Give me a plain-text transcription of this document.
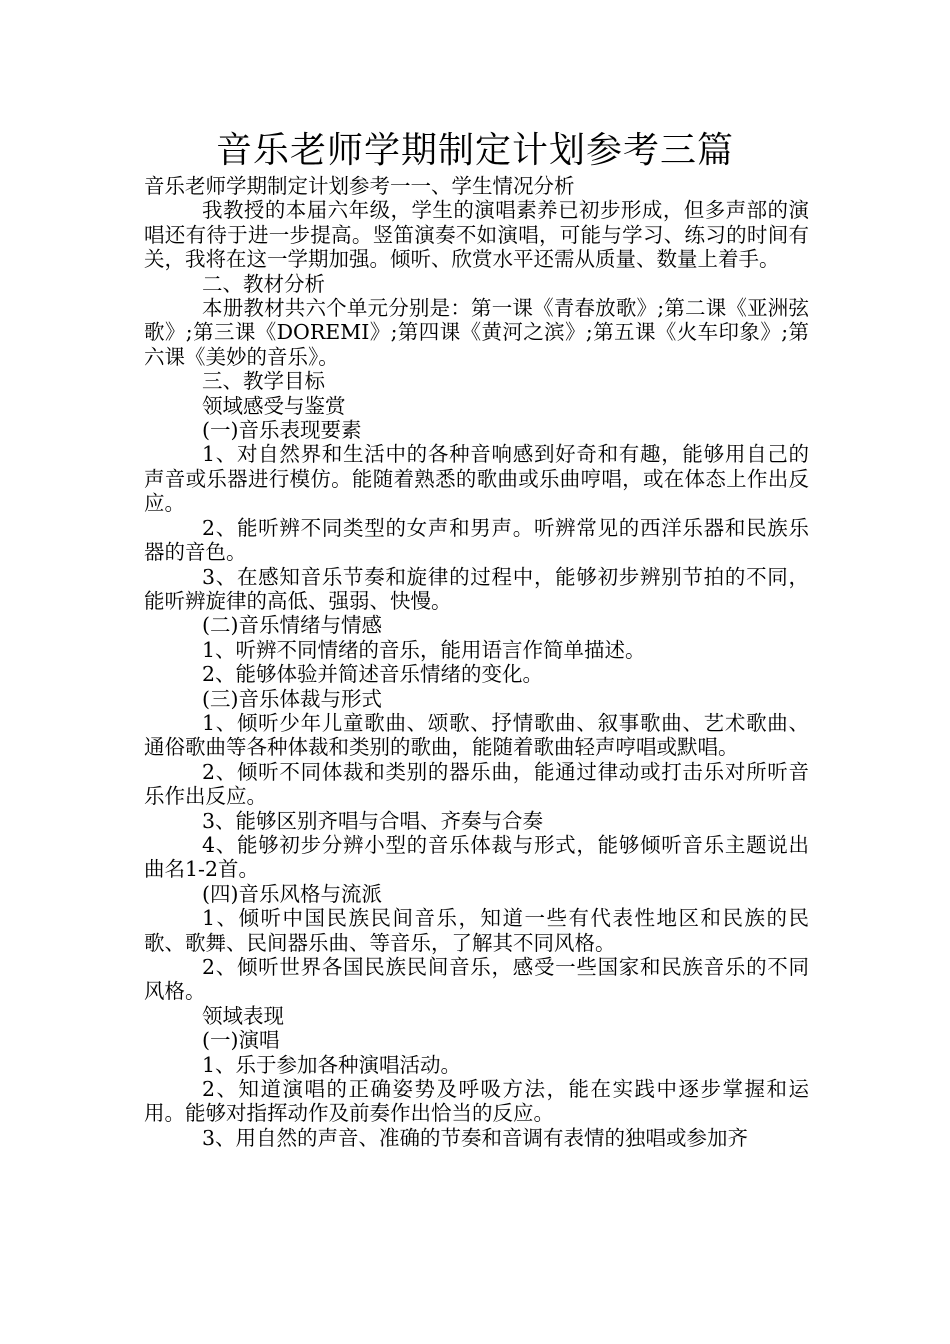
音乐老师学期制定计划参考三篇

音乐老师学期制定计划参考一一、学生情况分析

我教授的本届六年级，学生的演唱素养已初步形成，但多声部的演唱还有待于进一步提高。竖笛演奏不如演唱，可能与学习、练习的时间有关，我将在这一学期加强。倾听、欣赏水平还需从质量、数量上着手。

二、教材分析

本册教材共六个单元分别是：第一课《青春放歌》;第二课《亚洲弦歌》;第三课《DOREMI》;第四课《黄河之滨》;第五课《火车印象》;第六课《美妙的音乐》。

三、教学目标

领域感受与鉴赏

(一)音乐表现要素

1、对自然界和生活中的各种音响感到好奇和有趣，能够用自己的声音或乐器进行模仿。能随着熟悉的歌曲或乐曲哼唱，或在体态上作出反应。

2、能听辨不同类型的女声和男声。听辨常见的西洋乐器和民族乐器的音色。

3、在感知音乐节奏和旋律的过程中，能够初步辨别节拍的不同，能听辨旋律的高低、强弱、快慢。

(二)音乐情绪与情感

1、听辨不同情绪的音乐，能用语言作简单描述。

2、能够体验并简述音乐情绪的变化。

(三)音乐体裁与形式

1、倾听少年儿童歌曲、颂歌、抒情歌曲、叙事歌曲、艺术歌曲、通俗歌曲等各种体裁和类别的歌曲，能随着歌曲轻声哼唱或默唱。

2、倾听不同体裁和类别的器乐曲，能通过律动或打击乐对所听音乐作出反应。

3、能够区别齐唱与合唱、齐奏与合奏

4、能够初步分辨小型的音乐体裁与形式，能够倾听音乐主题说出曲名1-2首。

(四)音乐风格与流派

1、倾听中国民族民间音乐，知道一些有代表性地区和民族的民歌、歌舞、民间器乐曲、等音乐，了解其不同风格。

2、倾听世界各国民族民间音乐，感受一些国家和民族音乐的不同风格。

领域表现

(一)演唱

1、乐于参加各种演唱活动。

2、知道演唱的正确姿势及呼吸方法，能在实践中逐步掌握和运用。能够对指挥动作及前奏作出恰当的反应。

3、用自然的声音、准确的节奏和音调有表情的独唱或参加齐
